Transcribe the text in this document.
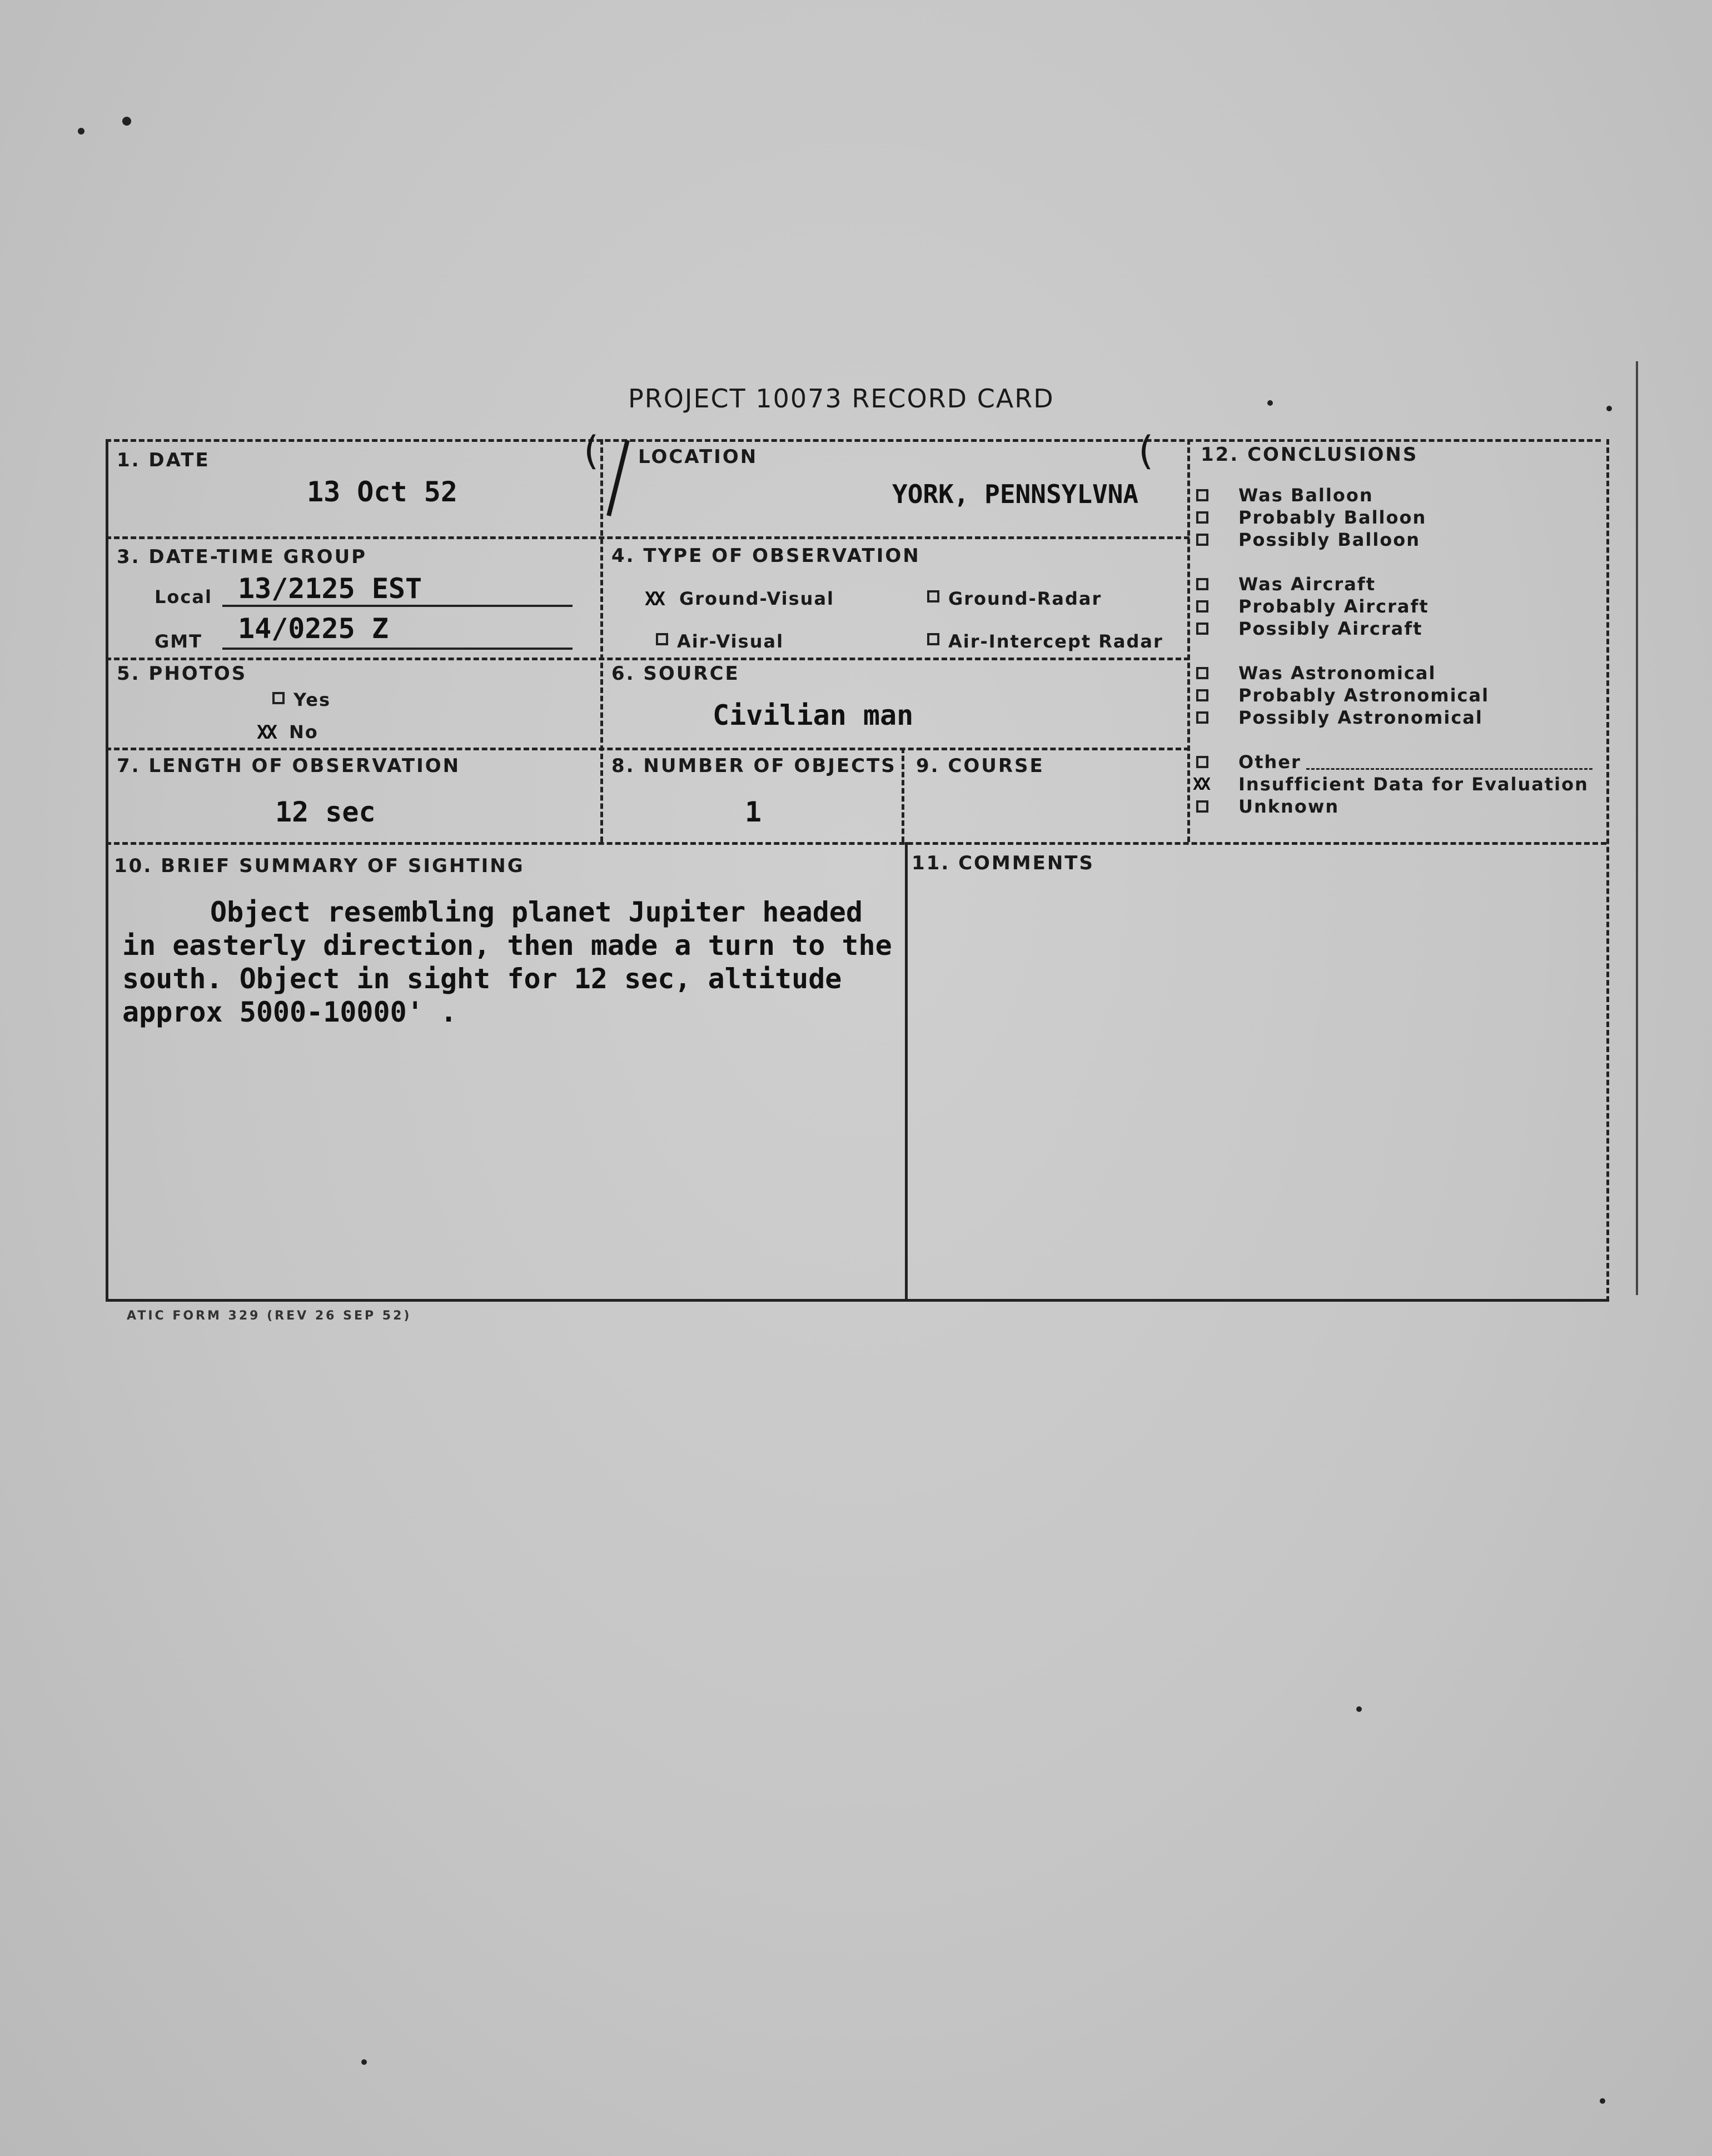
PROJECT 10073 RECORD CARD
(	(
1. DATE
13 Oct 52
LOCATION
YORK, PENNSYLVNA
3. DATE-TIME GROUP
Local 13/2125 EST
GMT 14/0225 Z
4. TYPE OF OBSERVATION
XX Ground-Visual	Ground-Radar
Air-Visual	Air-Intercept Radar
5. PHOTOS
Yes
XX No
6. SOURCE
Civilian man
7. LENGTH OF OBSERVATION
12 sec
8. NUMBER OF OBJECTS
1
9. COURSE
10. BRIEF SUMMARY OF SIGHTING
Object resembling planet Jupiter headed
in easterly direction, then made a turn to the
south. Object in sight for 12 sec, altitude
approx 5000-10000' .
11. COMMENTS
12. CONCLUSIONS
Was Balloon
Probably Balloon
Possibly Balloon
Was Aircraft
Probably Aircraft
Possibly Aircraft
Was Astronomical
Probably Astronomical
Possibly Astronomical
Other
XX Insufficient Data for Evaluation
Unknown
ATIC FORM 329 (REV 26 SEP 52)
